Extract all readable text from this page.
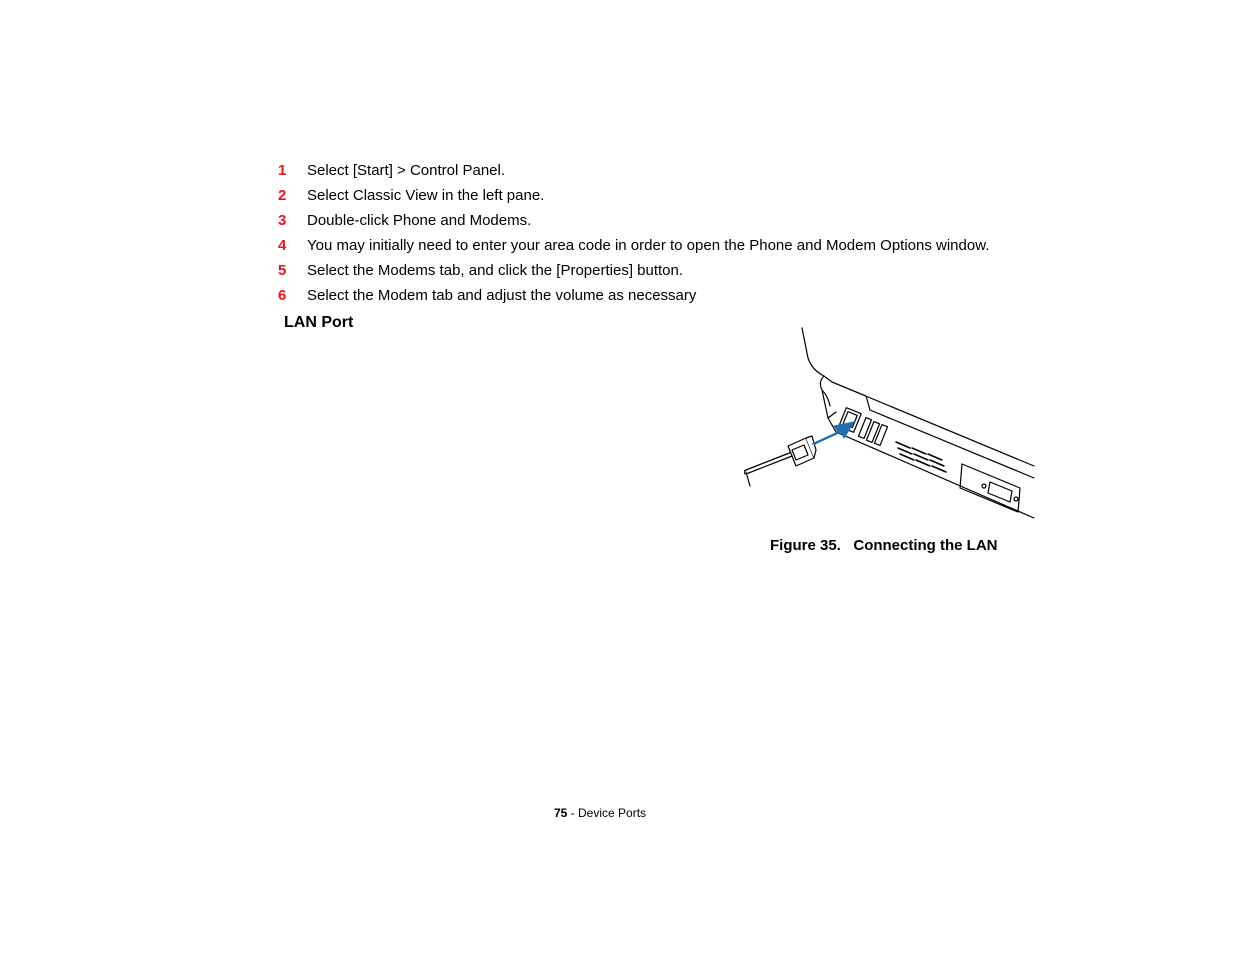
1 Select [Start] > Control Panel.
2 Select Classic View in the left pane.
3 Double-click Phone and Modems.
4 You may initially need to enter your area code in order to open the Phone and Modem Options window.
5 Select the Modems tab, and click the [Properties] button.
6 Select the Modem tab and adjust the volume as necessary
LAN Port
Figure 35.   Connecting the LAN
75 - Device Ports
